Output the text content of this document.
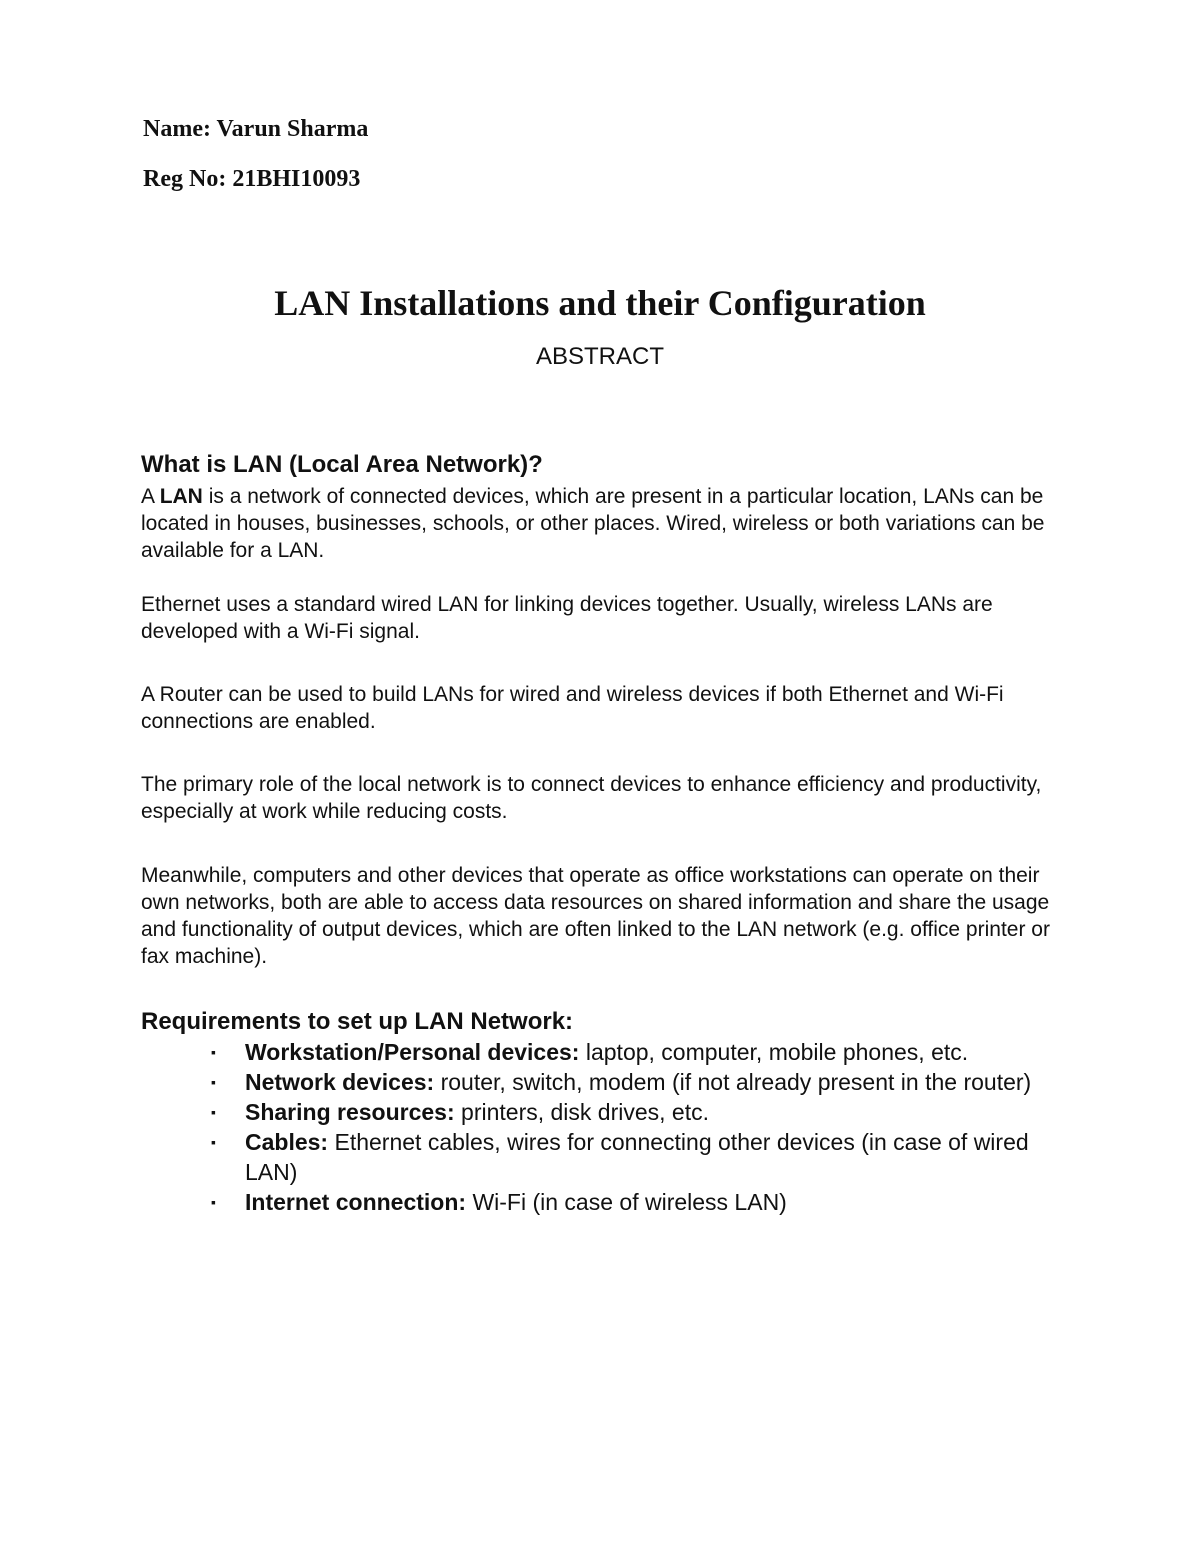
Name: Varun Sharma
Reg No: 21BHI10093
LAN Installations and their Configuration
ABSTRACT
What is LAN (Local Area Network)?

A LAN is a network of connected devices, which are present in a particular location, LANs can be located in houses, businesses, schools, or other places. Wired, wireless or both variations can be available for a LAN.

Ethernet uses a standard wired LAN for linking devices together. Usually, wireless LANs are developed with a Wi-Fi signal.

A Router can be used to build LANs for wired and wireless devices if both Ethernet and Wi-Fi connections are enabled.

The primary role of the local network is to connect devices to enhance efficiency and productivity, especially at work while reducing costs.

Meanwhile, computers and other devices that operate as office workstations can operate on their own networks, both are able to access data resources on shared information and share the usage and functionality of output devices, which are often linked to the LAN network (e.g. office printer or fax machine).

Requirements to set up LAN Network:
▪ Workstation/Personal devices: laptop, computer, mobile phones, etc.
▪ Network devices: router, switch, modem (if not already present in the router)
▪ Sharing resources: printers, disk drives, etc.
▪ Cables: Ethernet cables, wires for connecting other devices (in case of wired LAN)
▪ Internet connection: Wi-Fi (in case of wireless LAN)
